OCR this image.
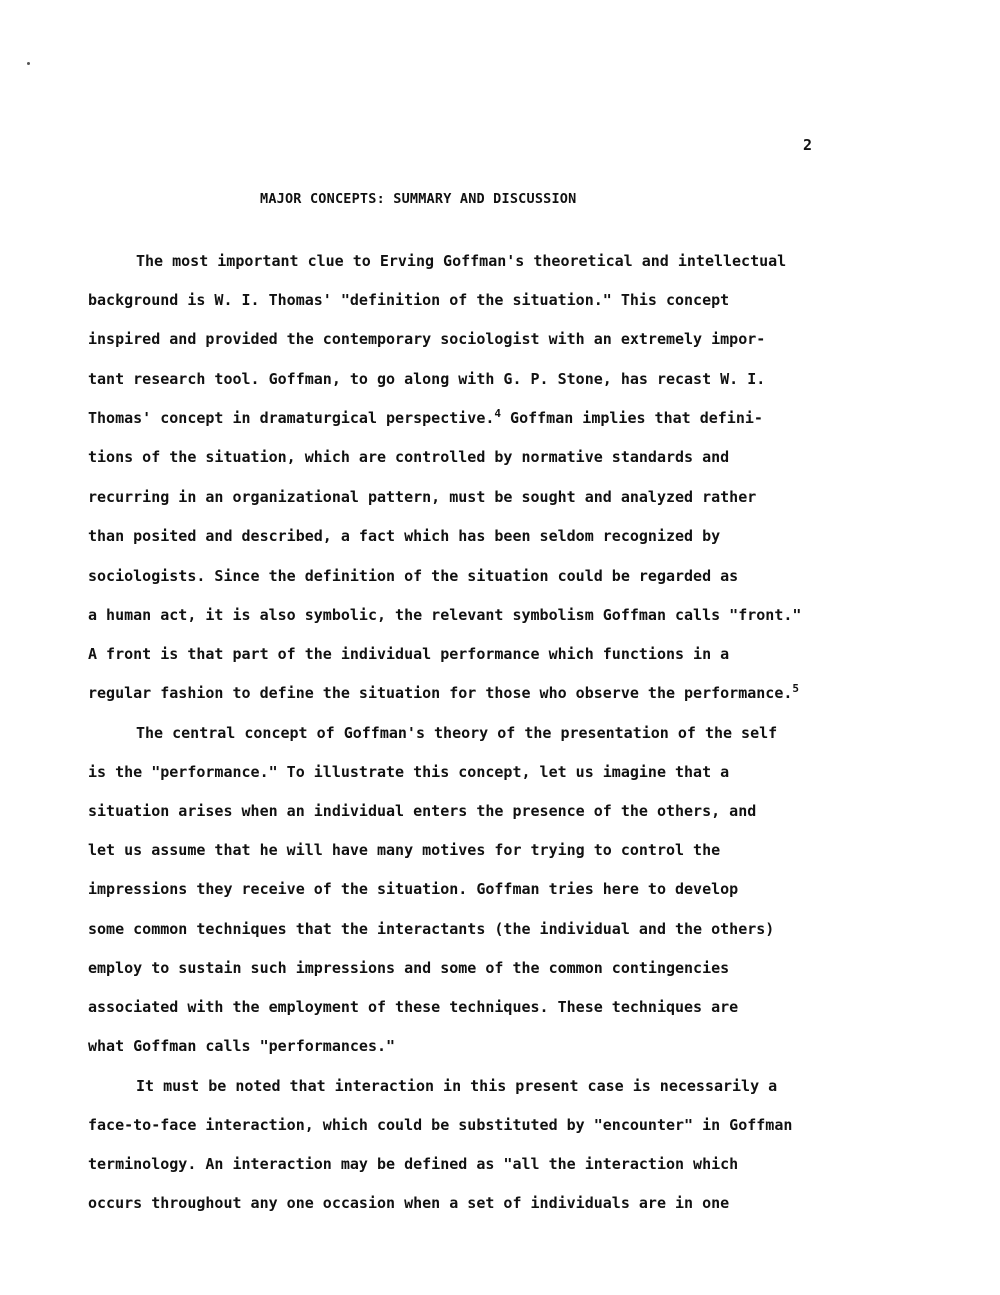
2
MAJOR CONCEPTS: SUMMARY AND DISCUSSION
The most important clue to Erving Goffman's theoretical and intellectual
background is W. I. Thomas' "definition of the situation." This concept
inspired and provided the contemporary sociologist with an extremely impor-
tant research tool. Goffman, to go along with G. P. Stone, has recast W. I.
Thomas' concept in dramaturgical perspective.$^4$ Goffman implies that defini-
tions of the situation, which are controlled by normative standards and
recurring in an organizational pattern, must be sought and analyzed rather
than posited and described, a fact which has been seldom recognized by
sociologists. Since the definition of the situation could be regarded as
a human act, it is also symbolic, the relevant symbolism Goffman calls "front."
A front is that part of the individual performance which functions in a
regular fashion to define the situation for those who observe the performance.$^5$
The central concept of Goffman's theory of the presentation of the self
is the "performance." To illustrate this concept, let us imagine that a
situation arises when an individual enters the presence of the others, and
let us assume that he will have many motives for trying to control the
impressions they receive of the situation. Goffman tries here to develop
some common techniques that the interactants (the individual and the others)
employ to sustain such impressions and some of the common contingencies
associated with the employment of these techniques. These techniques are
what Goffman calls "performances."
It must be noted that interaction in this present case is necessarily a
face-to-face interaction, which could be substituted by "encounter" in Goffman
terminology. An interaction may be defined as "all the interaction which
occurs throughout any one occasion when a set of individuals are in one
